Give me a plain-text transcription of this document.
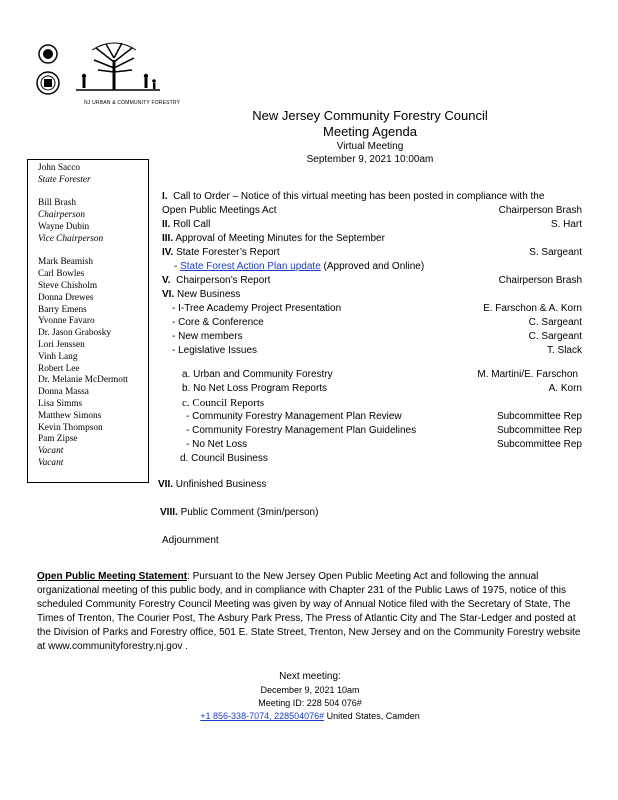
NJ URBAN & COMMUNITY FORESTRY
New Jersey Community Forestry Council
Meeting Agenda
Virtual Meeting
September 9, 2021 10:00am
John Sacco
State Forester
Bill Brash
Chairperson
Wayne Dubin
Vice Chairperson
Mark Beamish
Carl Bowles
Steve Chisholm
Donna Drewes
Barry Emens
Yvonne Favaro
Dr. Jason Grabosky
Lori Jenssen
Vinh Lang
Robert Lee
Dr. Melanie McDermott
Donna Massa
Lisa Simms
Matthew Simons
Kevin Thompson
Pam Zipse
Vacant
Vacant
I. Call to Order – Notice of this virtual meeting has been posted in compliance with the
Open Public Meetings Act	Chairperson Brash
II. Roll Call	S. Hart
III. Approval of Meeting Minutes for the September
IV. State Forester’s Report	S. Sargeant
- State Forest Action Plan update (Approved and Online)
V. Chairperson’s Report	Chairperson Brash
VI. New Business
- I-Tree Academy Project Presentation	E. Farschon & A. Korn
- Core & Conference	C. Sargeant
- New members	C. Sargeant
- Legislative Issues	T. Slack
a. Urban and Community Forestry	M. Martini/E. Farschon
b. No Net Loss Program Reports	A. Korn
c. Council Reports
- Community Forestry Management Plan Review	Subcommittee Rep
- Community Forestry Management Plan Guidelines	Subcommittee Rep
- No Net Loss	Subcommittee Rep
d. Council Business
VII. Unfinished Business
VIII. Public Comment (3min/person)
Adjournment
Open Public Meeting Statement: Pursuant to the New Jersey Open Public Meeting Act and following the annual organizational meeting of this public body, and in compliance with Chapter 231 of the Public Laws of 1975, notice of this scheduled Community Forestry Council Meeting was given by way of Annual Notice filed with the Secretary of State, The Times of Trenton, The Courier Post, The Asbury Park Press, The Press of Atlantic City and The Star-Ledger and posted at the Division of Parks and Forestry office, 501 E. State Street, Trenton, New Jersey and on the Community Forestry website at www.communityforestry.nj.gov .
Next meeting:
December 9, 2021 10am
Meeting ID: 228 504 076#
+1 856-338-7074, 228504076# United States, Camden
